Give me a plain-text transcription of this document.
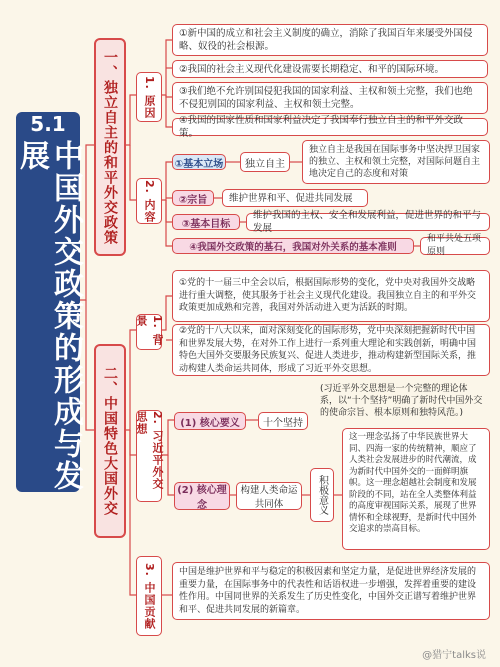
5.1
中国外交政策的形成与发展	一、独立自主的和平外交政策	1. 原因
①新中国的成立和社会主义制度的确立，消除了我国百年来屡受外国侵略、奴役的社会根源。
②我国的社会主义现代化建设需要长期稳定、和平的国际环境。
③我们绝不允许别国侵犯我国的国家利益、主权和领土完整，我们也绝不侵犯别国的国家利益、主权和领土完整。
④我国的国家性质和国家利益决定了我国奉行独立自主的和平外交政策。
2. 内容
①基本立场	独立自主
独立自主是我国在国际事务中坚决捍卫国家的独立、主权和领土完整，对国际问题自主地决定自己的态度和对策
②宗旨	维护世界和平、促进共同发展
③基本目标
维护我国的主权、安全和发展利益，促进世界的和平与发展
④我国外交政策的基石，我国对外关系的基本准则
和平共处五项原则
二、中国特色大国外交
1. 背景
①党的十一届三中全会以后，根据国际形势的变化，党中央对我国外交战略进行重大调整，使其服务于社会主义现代化建设。我国独立自主的和平外交政策更加成熟和完善，我国对外活动进入更为活跃的时期。
②党的十八大以来，面对深刻变化的国际形势，党中央深刻把握新时代中国和世界发展大势，在对外工作上进行一系列重大理论和实践创新，明确中国特色大国外交要服务民族复兴、促进人类进步，推动构建新型国际关系，推动构建人类命运共同体，形成了习近平外交思想。
2. 习近平外交思想
(习近平外交思想是一个完整的理论体系，以“十个坚持”明确了新时代中国外交的使命宗旨、根本原则和独特风范。)
(1) 核心要义	十个坚持
(2) 核心理念
构建人类命运共同体	积极意义
这一理念弘扬了中华民族世界大同、四海一家的传统精神，顺应了人类社会发展进步的时代潮流，成为新时代中国外交的一面鲜明旗帜。这一理念超越社会制度和发展阶段的不同，站在全人类整体利益的高度审视国际关系，展现了世界情怀和全球视野，是新时代中国外交追求的崇高目标。
3. 中国贡献	中国是维护世界和平与稳定的积极因素和坚定力量，是促进世界经济发展的重要力量，在国际事务中的代表性和话语权进一步增强，发挥着重要的建设性作用。中国同世界的关系发生了历史性变化，中国外交正谱写着维护世界和平、促进共同发展的新篇章。
@猎宁talks说
